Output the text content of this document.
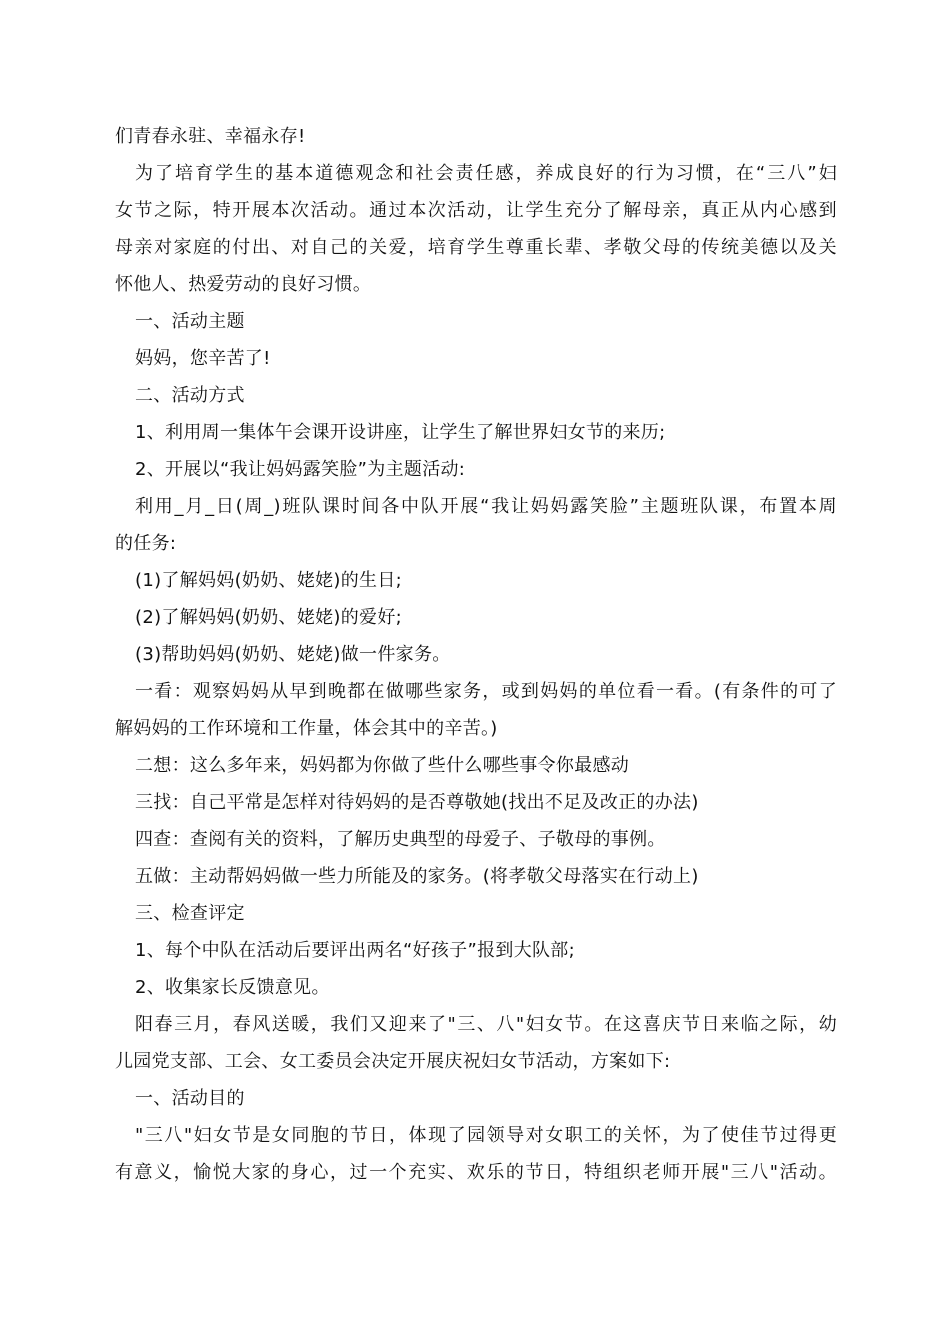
们青春永驻、幸福永存!
为了培育学生的基本道德观念和社会责任感，养成良好的行为习惯，在“三八”妇
女节之际，特开展本次活动。通过本次活动，让学生充分了解母亲，真正从内心感到
母亲对家庭的付出、对自己的关爱，培育学生尊重长辈、孝敬父母的传统美德以及关
怀他人、热爱劳动的良好习惯。
一、活动主题
妈妈，您辛苦了!
二、活动方式
1、利用周一集体午会课开设讲座，让学生了解世界妇女节的来历;
2、开展以“我让妈妈露笑脸”为主题活动:
利用_月_日(周_)班队课时间各中队开展“我让妈妈露笑脸”主题班队课，布置本周
的任务:
(1)了解妈妈(奶奶、姥姥)的生日;
(2)了解妈妈(奶奶、姥姥)的爱好;
(3)帮助妈妈(奶奶、姥姥)做一件家务。
一看：观察妈妈从早到晚都在做哪些家务，或到妈妈的单位看一看。(有条件的可了
解妈妈的工作环境和工作量，体会其中的辛苦。)
二想：这么多年来，妈妈都为你做了些什么哪些事令你最感动
三找：自己平常是怎样对待妈妈的是否尊敬她(找出不足及改正的办法)
四查：查阅有关的资料，了解历史典型的母爱子、子敬母的事例。
五做：主动帮妈妈做一些力所能及的家务。(将孝敬父母落实在行动上)
三、检查评定
1、每个中队在活动后要评出两名“好孩子”报到大队部;
2、收集家长反馈意见。
阳春三月，春风送暖，我们又迎来了"三、八"妇女节。在这喜庆节日来临之际，幼
儿园党支部、工会、女工委员会决定开展庆祝妇女节活动，方案如下:
一、活动目的
"三八"妇女节是女同胞的节日，体现了园领导对女职工的关怀，为了使佳节过得更
有意义，愉悦大家的身心，过一个充实、欢乐的节日，特组织老师开展"三八"活动。
